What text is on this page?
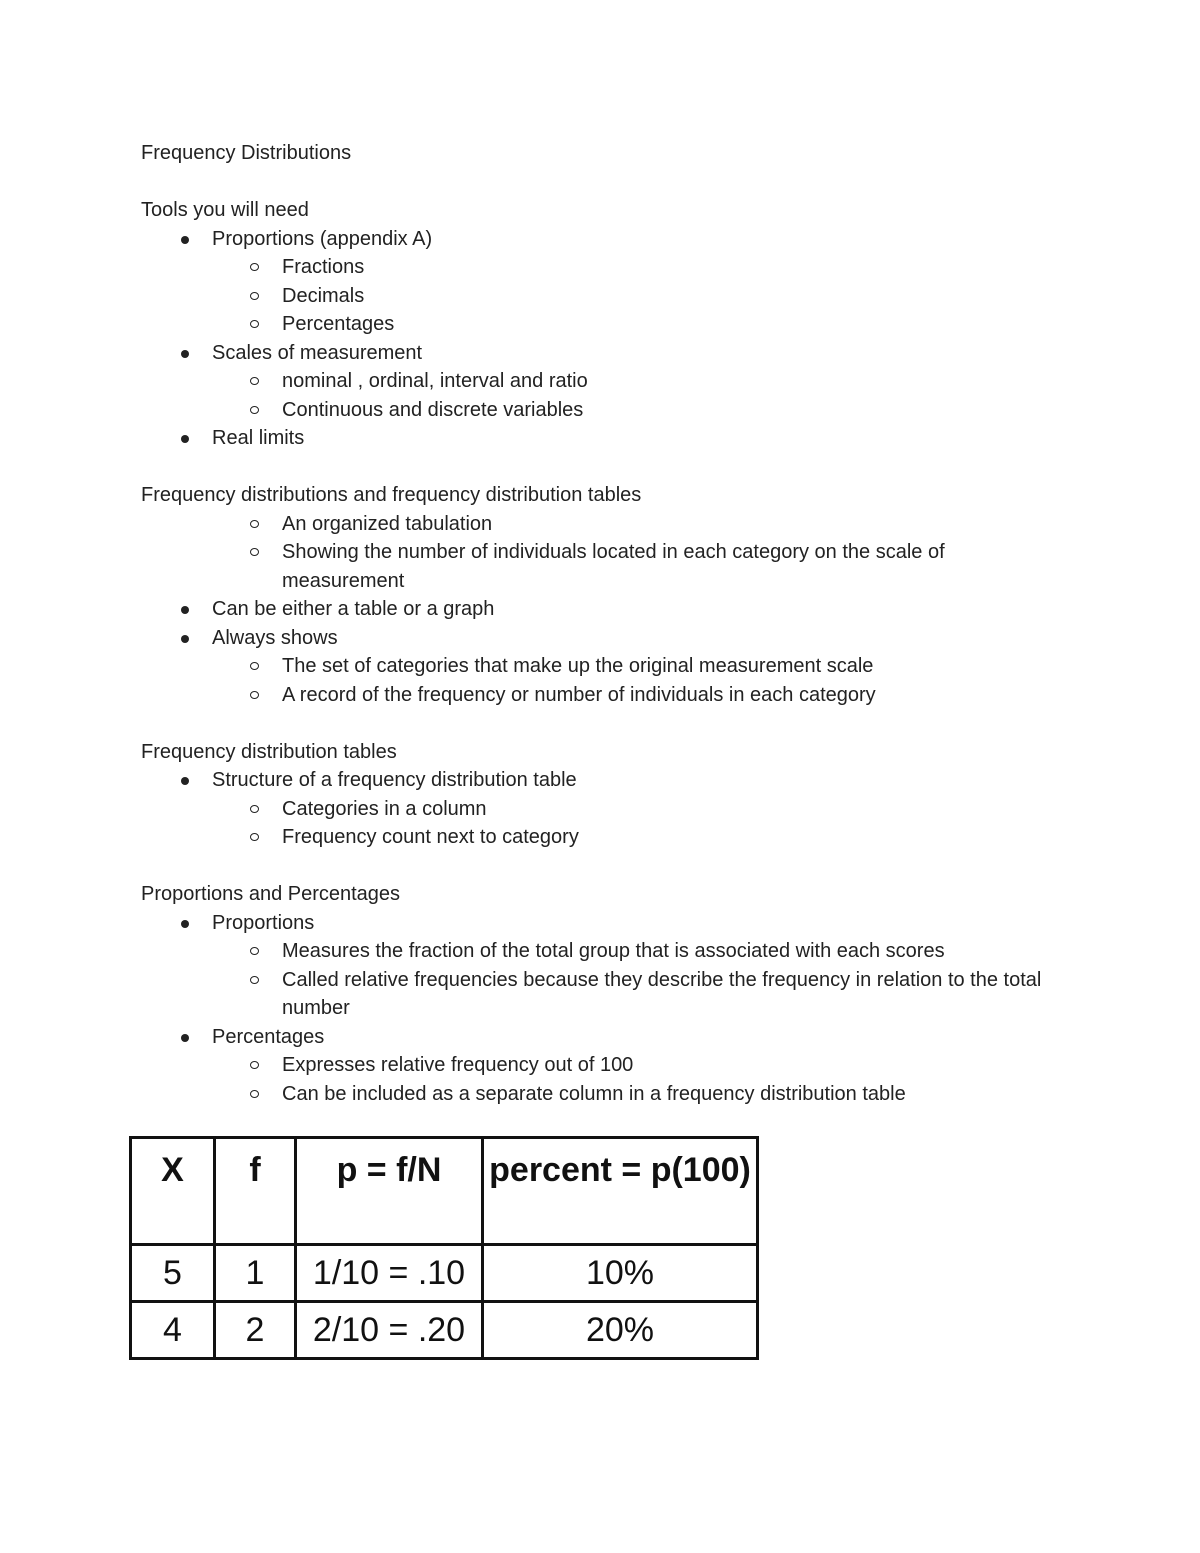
Frequency Distributions
Tools you will need
Proportions (appendix A)
Fractions
Decimals
Percentages
Scales of measurement
nominal , ordinal, interval and ratio
Continuous and discrete variables
Real limits
Frequency distributions and frequency distribution tables
An organized tabulation
Showing the number of individuals located in each category on the scale of measurement
Can be either a table or a graph
Always shows
The set of categories that make up the original measurement scale
A record of the frequency or number of individuals in each category
Frequency distribution tables
Structure of a frequency distribution table
Categories in a column
Frequency count next to category
Proportions and Percentages
Proportions
Measures the fraction of the total group that is associated with each scores
Called relative frequencies because they describe the frequency in relation to the total number
Percentages
Expresses relative frequency out of 100
Can be included as a separate column in a frequency distribution table
X	f	p = f/N	percent = p(100)
5	1	1/10 = .10	10%
4	2	2/10 = .20	20%
